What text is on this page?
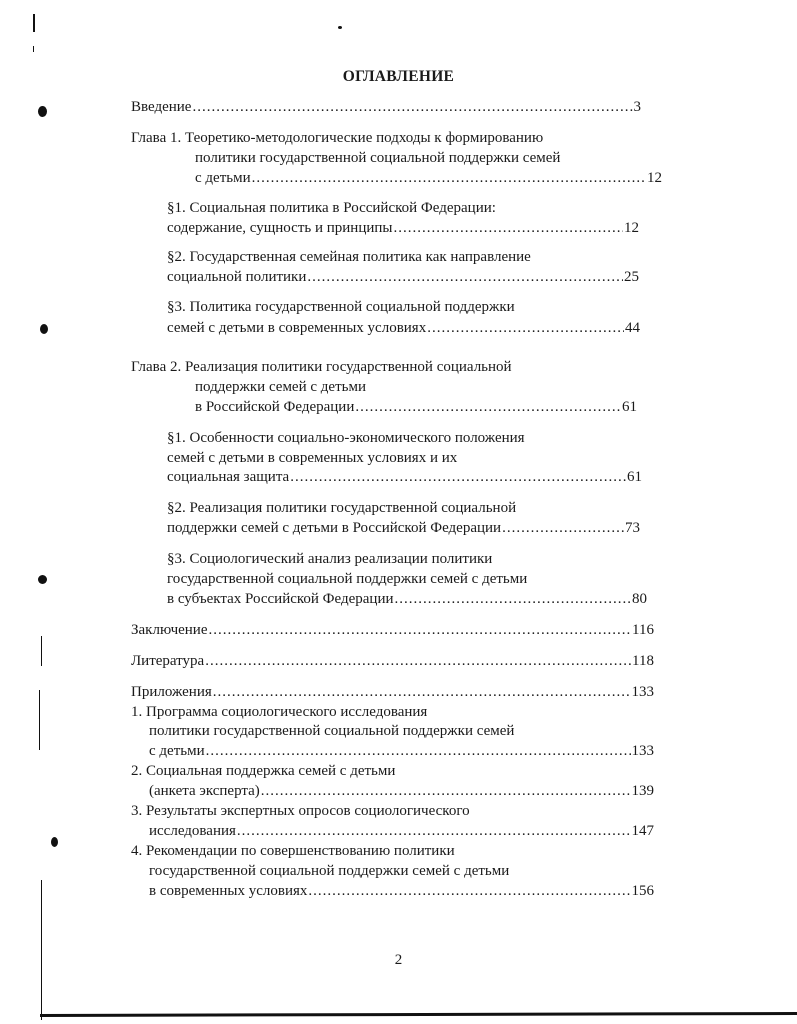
ОГЛАВЛЕНИЕ
Введение .....	3
Глава 1. Теоретико-методологические подходы к формированию
политики государственной социальной поддержки семей
с детьми .....	12
§1. Социальная политика в Российской Федерации:
содержание, сущность и принципы .....	12
§2. Государственная семейная политика как направление
социальной политики .....	25
§3. Политика государственной социальной поддержки
семей с детьми в современных условиях .....	44
Глава 2. Реализация политики государственной социальной
поддержки семей с детьми
в Российской Федерации .....	61
§1. Особенности социально-экономического положения
семей с детьми в современных условиях и их
социальная защита .....	61
§2. Реализация политики государственной социальной
поддержки семей с детьми в Российской Федерации .....	73
§3. Социологический анализ реализации политики
государственной социальной поддержки семей с детьми
в субъектах Российской Федерации .....	80
Заключение .....	116
Литература .....	118
Приложения .....	133
1. Программа социологического исследования
политики государственной социальной поддержки семей
с детьми .....	133
2. Социальная поддержка семей с детьми
(анкета эксперта) .....	139
3. Результаты экспертных опросов социологического
исследования .....	147
4. Рекомендации по совершенствованию политики
государственной социальной поддержки семей с детьми
в современных условиях .....	156
2
